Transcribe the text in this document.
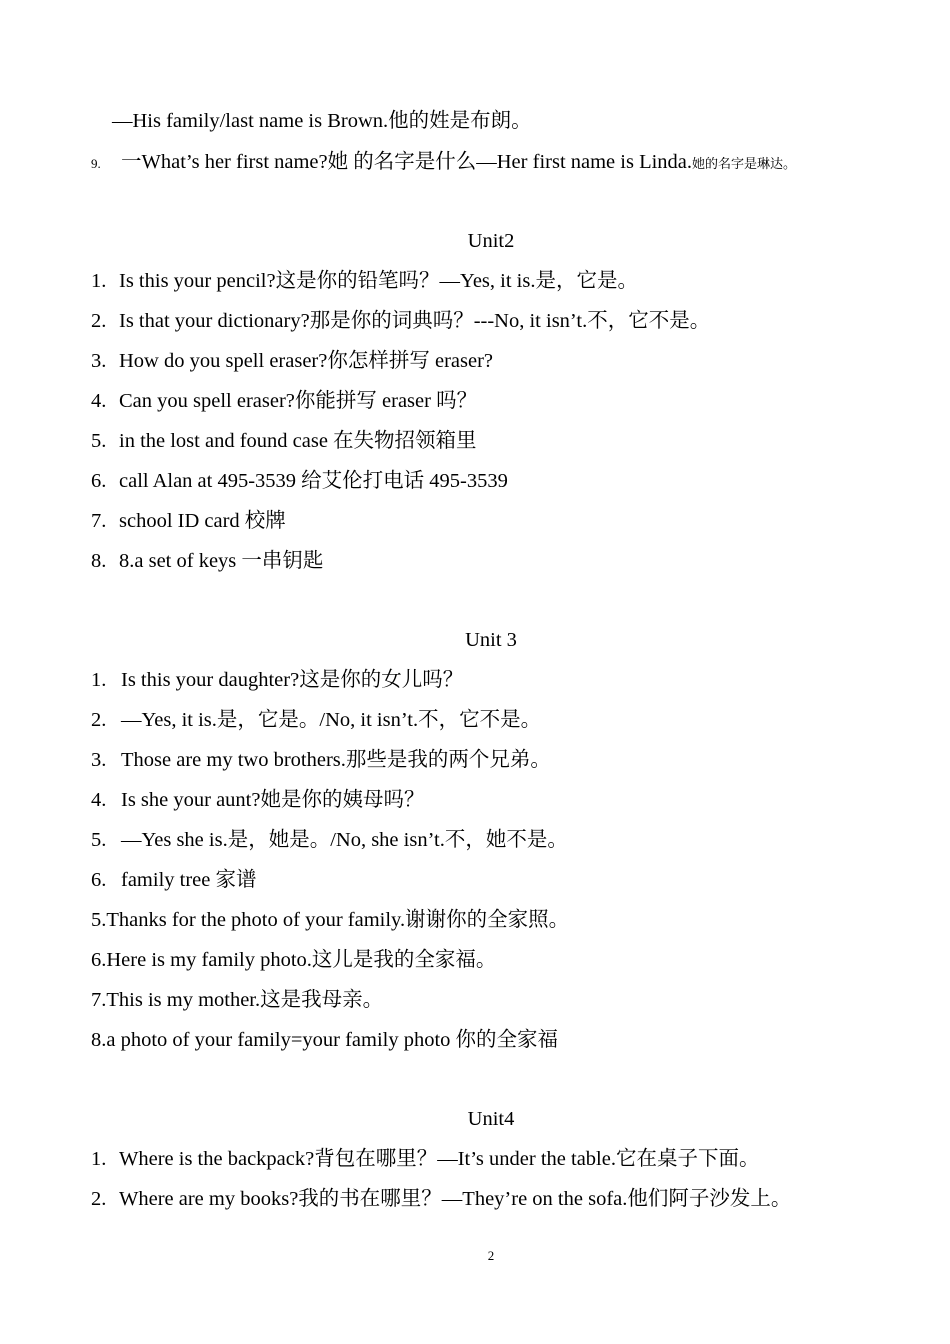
—His family/last name is Brown.他的姓是布朗。
9. 一What’s her first name?她 的名字是什么—Her first name is Linda.她的名字是琳达。
Unit2
1. Is this your pencil?这是你的铅笔吗？—Yes, it is.是，它是。
2. Is that your dictionary?那是你的词典吗？---No, it isn’t.不，它不是。
3. How do you spell eraser?你怎样拼写 eraser?
4. Can you spell eraser?你能拼写 eraser 吗？
5. in the lost and found case 在失物招领箱里
6. call Alan at 495-3539 给艾伦打电话 495-3539
7. school ID card 校牌
8. 8.a set of keys 一串钥匙
Unit 3
1. Is this your daughter?这是你的女儿吗？
2. —Yes, it is.是，它是。/No, it isn’t.不，它不是。
3. Those are my two brothers.那些是我的两个兄弟。
4. Is she your aunt?她是你的姨母吗？
5. —Yes she is.是，她是。/No, she isn’t.不，她不是。
6. family tree 家谱
5.Thanks for the photo of your family.谢谢你的全家照。
6.Here is my family photo.这儿是我的全家福。
7.This is my mother.这是我母亲。
8.a photo of your family=your family photo 你的全家福
Unit4
1. Where is the backpack?背包在哪里？—It’s under the table.它在桌子下面。
2. Where are my books?我的书在哪里？—They’re on the sofa.他们阿子沙发上。
2
